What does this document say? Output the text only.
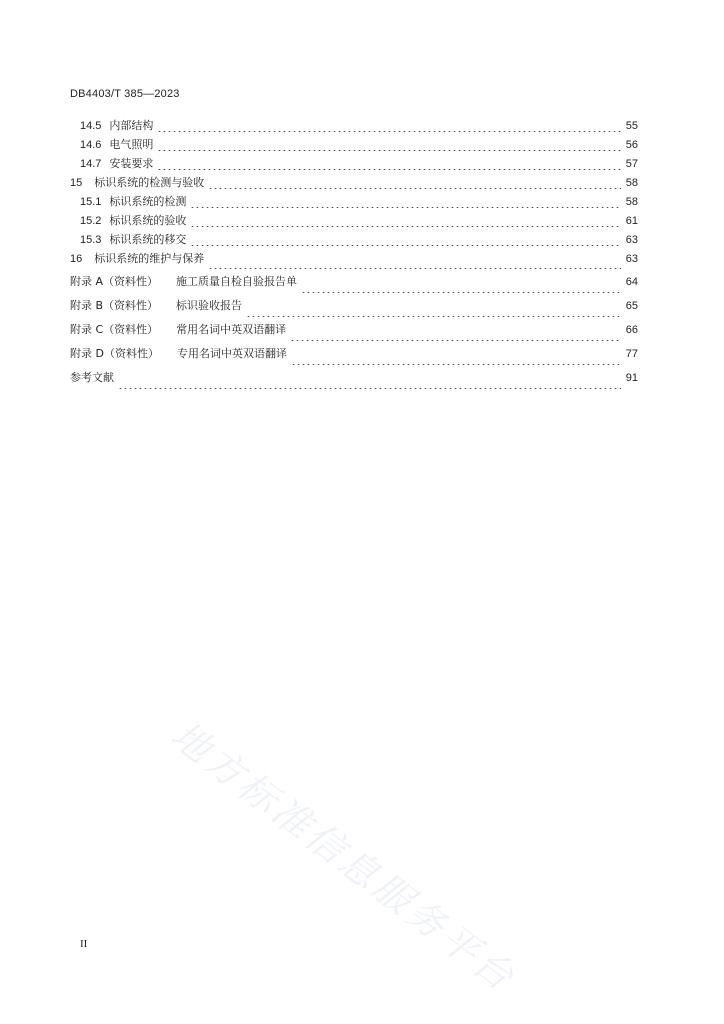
DB4403/T 385—2023
14.5 内部结构	55
14.6 电气照明	56
14.7 安装要求	57
15 标识系统的检测与验收	58
15.1 标识系统的检测	58
15.2 标识系统的验收	61
15.3 标识系统的移交	63
16 标识系统的维护与保养	63
附录 A （资料性） 施工质量自检自验报告单	64
附录 B （资料性） 标识验收报告	65
附录 C （资料性） 常用名词中英双语翻译	66
附录 D （资料性） 专用名词中英双语翻译	77
参考文献	91
地方标准信息服务平台
II
